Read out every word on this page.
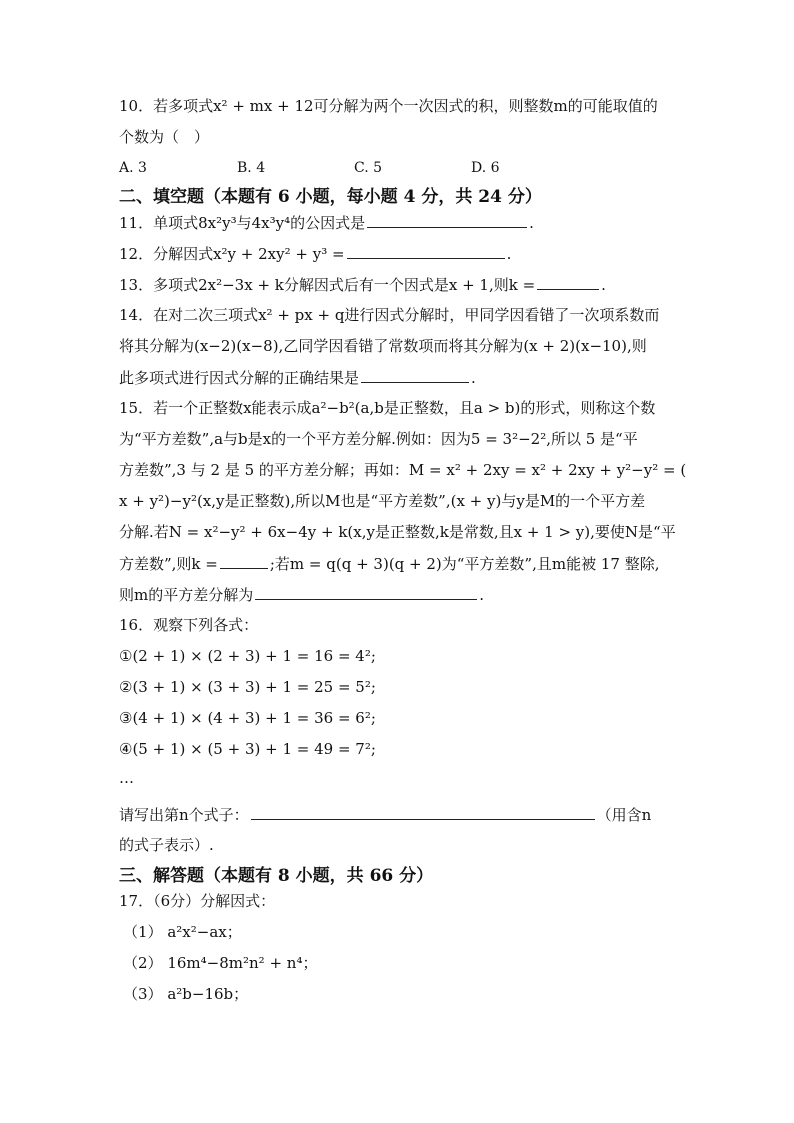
10．若多项式x² + mx + 12可分解为两个一次因式的积，则整数m的可能取值的
个数为（　）
A. 3	B. 4	C. 5	D. 6
二、填空题（本题有 6 小题，每小题 4 分，共 24 分）
11．单项式8x²y³与4x³y⁴的公因式是	.
12．分解因式x²y + 2xy² + y³ =	.
13．多项式2x²−3x + k分解因式后有一个因式是x + 1,则k =	.
14．在对二次三项式x² + px + q进行因式分解时，甲同学因看错了一次项系数而
将其分解为(x−2)(x−8),乙同学因看错了常数项而将其分解为(x + 2)(x−10),则
此多项式进行因式分解的正确结果是	.
15．若一个正整数x能表示成a²−b²(a,b是正整数，且a > b)的形式，则称这个数
为“平方差数”,a与b是x的一个平方差分解.例如：因为5 = 3²−2²,所以 5 是“平
方差数”,3 与 2 是 5 的平方差分解；再如：M = x² + 2xy = x² + 2xy + y²−y² = (
x + y²)−y²(x,y是正整数),所以M也是“平方差数”,(x + y)与y是M的一个平方差
分解.若N = x²−y² + 6x−4y + k(x,y是正整数,k是常数,且x + 1 > y),要使N是“平
方差数”,则k =	;若m = q(q + 3)(q + 2)为“平方差数”,且m能被 17 整除,
则m的平方差分解为	.
16．观察下列各式：
①(2 + 1) × (2 + 3) + 1 = 16 = 4²;
②(3 + 1) × (3 + 3) + 1 = 25 = 5²;
③(4 + 1) × (4 + 3) + 1 = 36 = 6²;
④(5 + 1) × (5 + 3) + 1 = 49 = 7²;
…
请写出第n个式子：	（用含n
的式子表示）.
三、解答题（本题有 8 小题，共 66 分）
17．（6分）分解因式：
（1） a²x²−ax；
（2） 16m⁴−8m²n² + n⁴；
（3） a²b−16b；
